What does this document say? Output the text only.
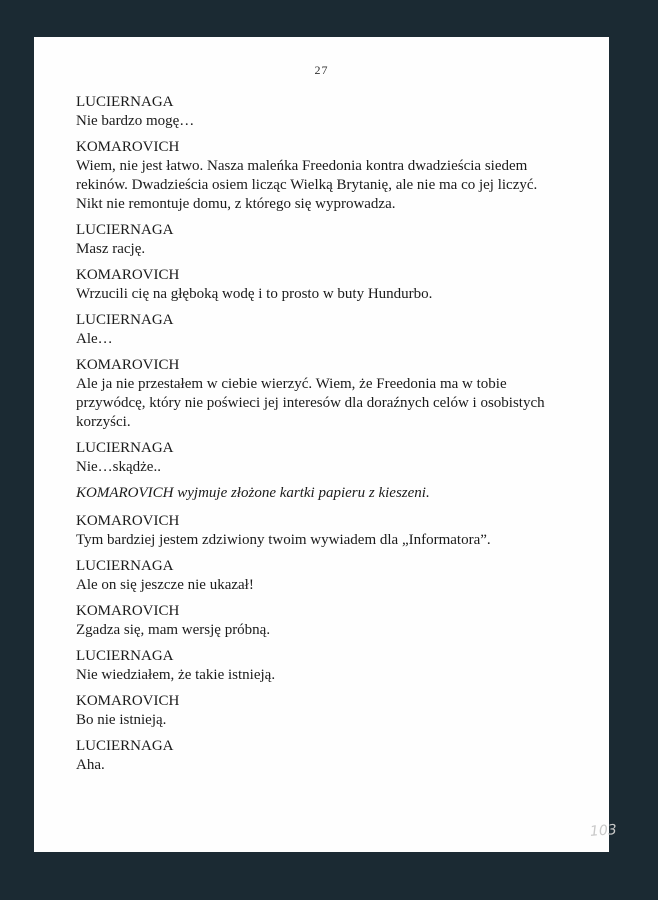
27
LUCIERNAGA
Nie bardzo mogę…
KOMAROVICH
Wiem, nie jest łatwo. Nasza maleńka Freedonia kontra dwadzieścia siedem
rekinów. Dwadzieścia osiem licząc Wielką Brytanię, ale nie ma co jej liczyć.
Nikt nie remontuje domu, z którego się wyprowadza.
LUCIERNAGA
Masz rację.
KOMAROVICH
Wrzucili cię na głęboką wodę i to prosto w buty Hundurbo.
LUCIERNAGA
Ale…
KOMAROVICH
Ale ja nie przestałem w ciebie wierzyć. Wiem, że Freedonia ma w tobie
przywódcę, który nie poświeci jej interesów dla doraźnych celów i osobistych
korzyści.
LUCIERNAGA
Nie…skądże..
KOMAROVICH wyjmuje złożone kartki papieru z kieszeni.
KOMAROVICH
Tym bardziej jestem zdziwiony twoim wywiadem dla „Informatora”.
LUCIERNAGA
Ale on się jeszcze nie ukazał!
KOMAROVICH
Zgadza się, mam wersję próbną.
LUCIERNAGA
Nie wiedziałem, że takie istnieją.
KOMAROVICH
Bo nie istnieją.
LUCIERNAGA
Aha.
103
